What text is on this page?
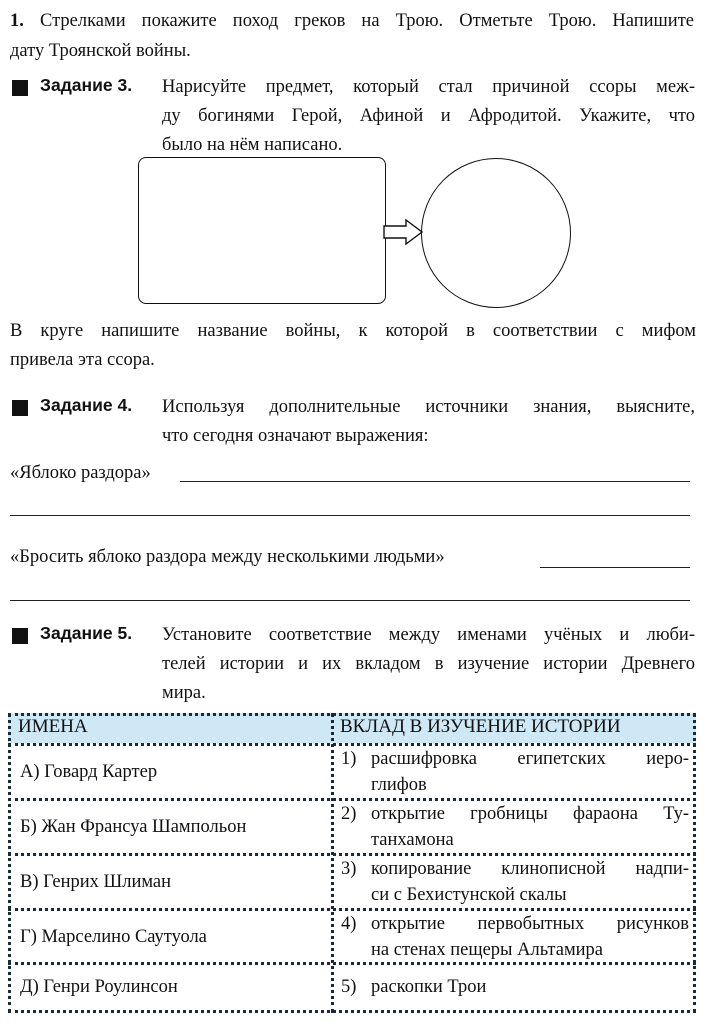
1. Стрелками покажите поход греков на Трою. Отметьте Трою. Напишите

дату Троянской войны.

Задание 3. Нарисуйте предмет, который стал причиной ссоры меж-

ду богинями Герой, Афиной и Афродитой. Укажите, что

было на нём написано.

В круге напишите название войны, к которой в соответствии с мифом

привела эта ссора.

Задание 4. Используя дополнительные источники знания, выясните,

что сегодня означают выражения:

«Яблоко раздора»

«Бросить яблоко раздора между несколькими людьми»

Задание 5. Установите соответствие между именами учёных и люби-

телей истории и их вкладом в изучение истории Древнего

мира.

ИМЕНА	ВКЛАД В ИЗУЧЕНИЕ ИСТОРИИ
А) Говард Картер
Б) Жан Франсуа Шампольон
В) Генрих Шлиман
Г) Марселино Саутуола
Д) Генри Роулинсон
1) расшифровка египетских иеро-
глифов
2) открытие гробницы фараона Ту-
танхамона
3) копирование клинописной надпи-
си с Бехистунской скалы
4) открытие первобытных рисунков
на стенах пещеры Альтамира
5) раскопки Трои
